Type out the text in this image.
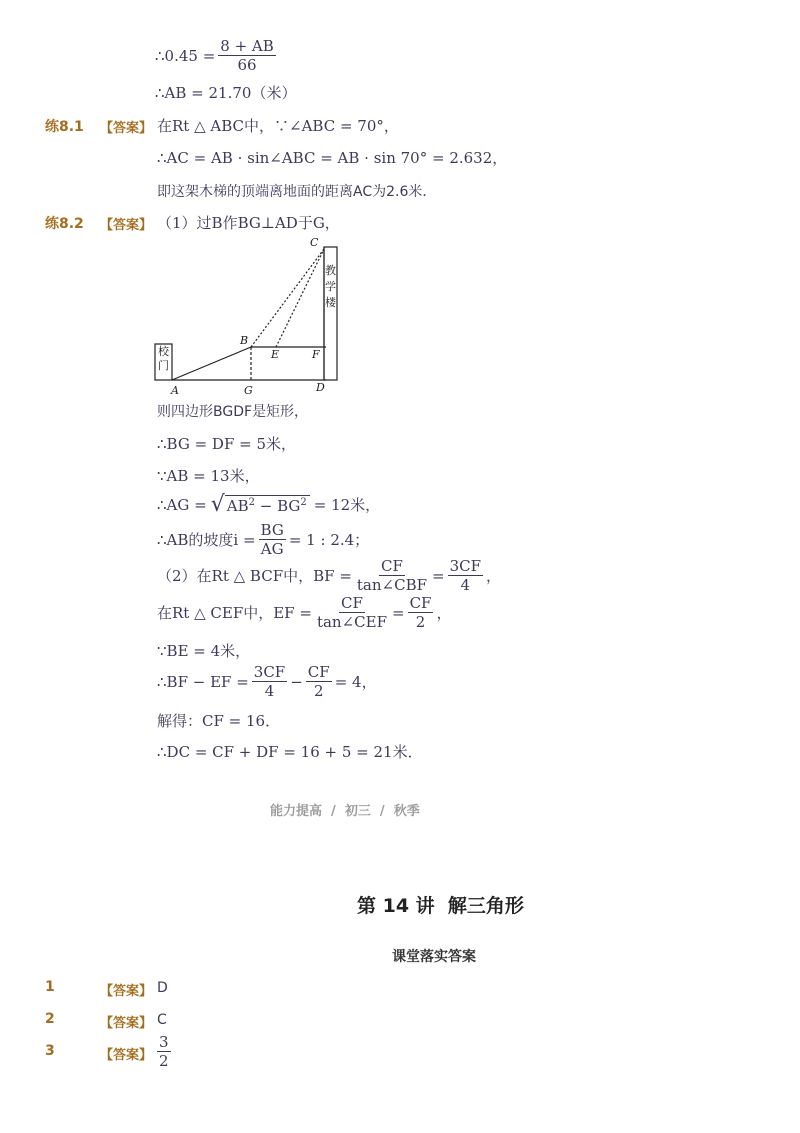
∴0.45 = $\frac{8 + AB}{66}$
∴AB = 21.70（米）
练8.1 【答案】 在Rt △ ABC中，∵∠ABC = 70°，
∴AC = AB · sin∠ABC = AB · sin 70° = 2.632，
即这架木梯的顶端离地面的距离AC为2.6米．
练8.2 【答案】 （1）过B作BG⊥AD于G，
A	G	D
B
E	F
C
校门
教学楼
则四边形BGDF是矩形，
∴BG = DF = 5米，
∵AB = 13米，
∴AG = √ $AB^2 - BG^2 = 12$米，
∴AB的坡度$i = \frac{BG}{AG} = 1$ : 2.4；
（2）在Rt △ BCF中，BF = $\frac{CF}{\text{tan∠CBF}} = \frac{3CF}{4}$ ，
在Rt △ CEF中，EF = $\frac{CF}{\text{tan∠CEF}} = \frac{CF}{2}$ ，
∵BE = 4米，
∴BF − EF = $\frac{3CF}{4} - \frac{CF}{2} = 4$，
解得：CF = 16．
∴DC = CF + DF = 16 + 5 = 21米．
能力提高  /  初三  /  秋季
第 14 讲  解三角形
课堂落实答案
1	【答案】 D
2	【答案】 C
3	【答案】 $\frac{3}{2}$
